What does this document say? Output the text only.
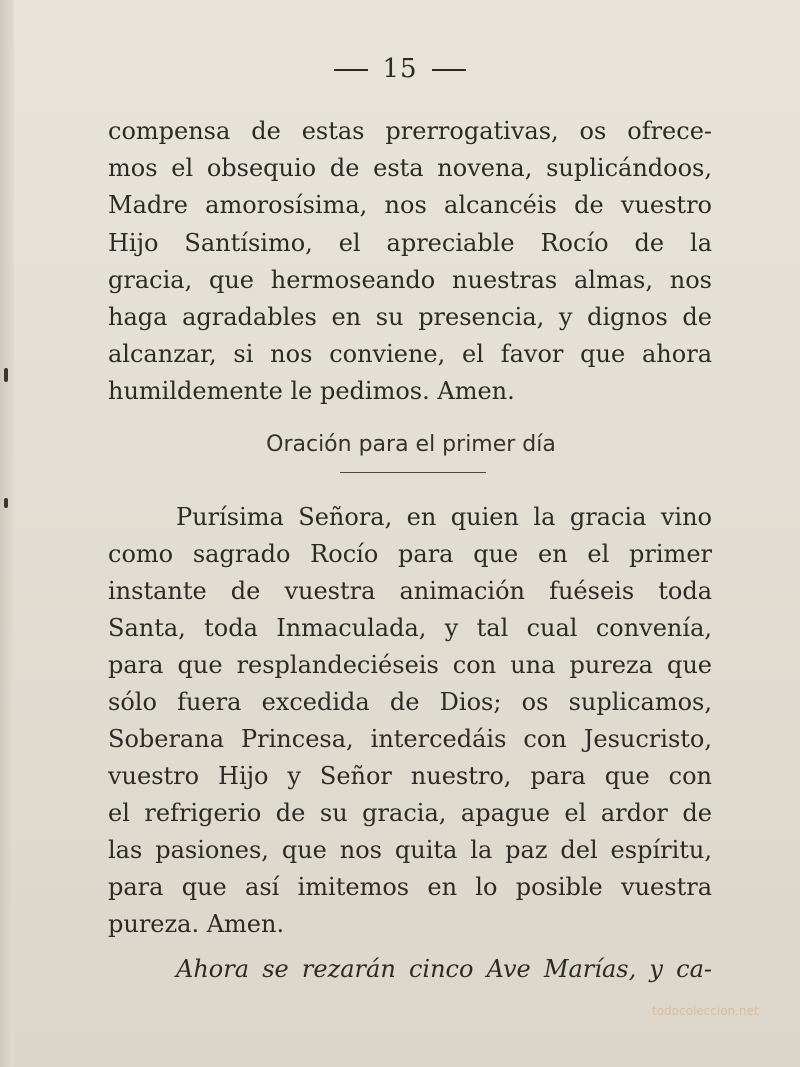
15
compensa de estas prerrogativas, os ofrece-
mos el obsequio de esta novena, suplicándoos,
Madre amorosísima, nos alcancéis de vuestro
Hijo Santísimo, el apreciable Rocío de la
gracia, que hermoseando nuestras almas, nos
haga agradables en su presencia, y dignos de
alcanzar, si nos conviene, el favor que ahora
humildemente le pedimos. Amen.
Oración para el primer día
Purísima Señora, en quien la gracia vino
como sagrado Rocío para que en el primer
instante de vuestra animación fuéseis toda
Santa, toda Inmaculada, y tal cual convenía,
para que resplandeciéseis con una pureza que
sólo fuera excedida de Dios; os suplicamos,
Soberana Princesa, intercedáis con Jesucristo,
vuestro Hijo y Señor nuestro, para que con
el refrigerio de su gracia, apague el ardor de
las pasiones, que nos quita la paz del espíritu,
para que así imitemos en lo posible vuestra
pureza. Amen.
Ahora se rezarán cinco Ave Marías, y ca-
todocoleccion.net
